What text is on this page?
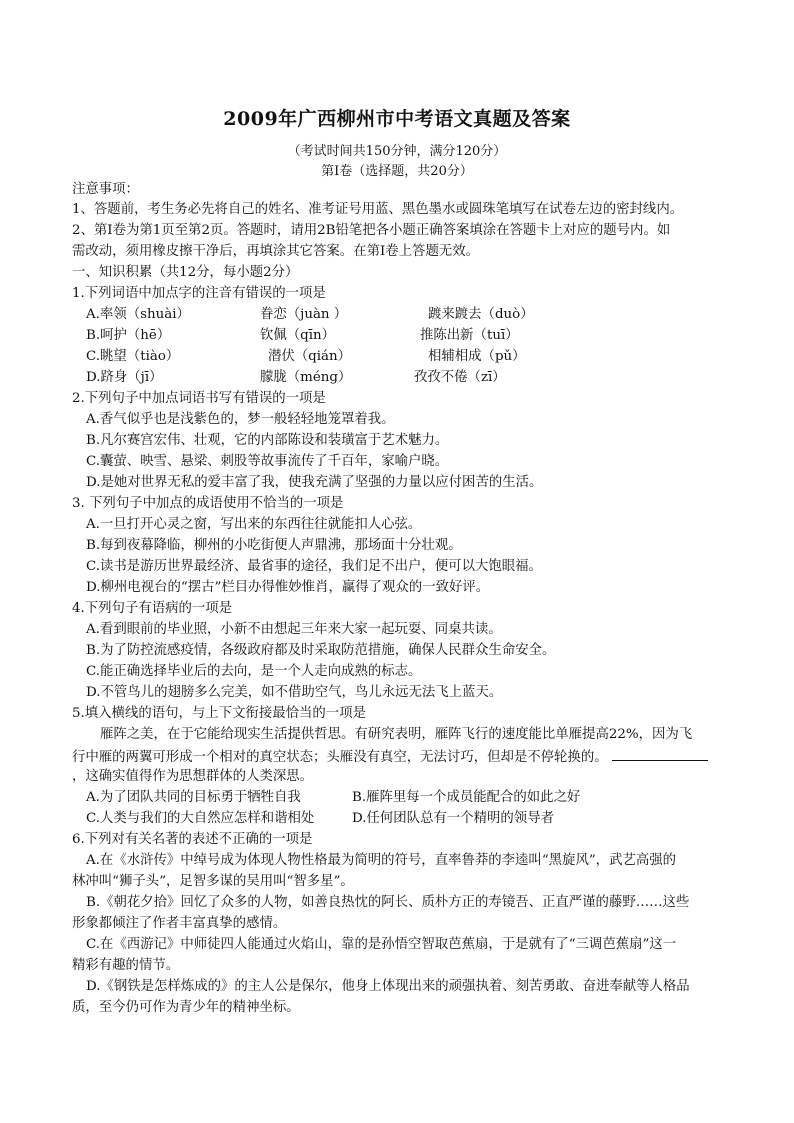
2009年广西柳州市中考语文真题及答案
（考试时间共150分钟，满分120分）
第Ⅰ卷（选择题，共20分）
注意事项：
1、答题前，考生务必先将自己的姓名、准考证号用蓝、黑色墨水或圆珠笔填写在试卷左边的密封线内。
2、第Ⅰ卷为第1页至第2页。答题时，请用2B铅笔把各小题正确答案填涂在答题卡上对应的题号内。如
需改动，须用橡皮擦干净后，再填涂其它答案。在第Ⅰ卷上答题无效。
一、知识积累（共12分，每小题2分）
1.下列词语中加点字的注音有错误的一项是
A.率领（shuài）	眷恋（juàn ）	踱来踱去（duò）
B.呵护（hē）	钦佩（qīn）	推陈出新（tuī）
C.眺望（tiào）	潜伏（qián）	相辅相成（pǔ）
D.跻身（jī）	朦胧（méng）	孜孜不倦（zī）
2.下列句子中加点词语书写有错误的一项是
A.香气似乎也是浅紫色的，梦一般轻轻地笼罩着我。
B.凡尔赛宫宏伟、壮观，它的内部陈设和装璜富于艺术魅力。
C.囊萤、映雪、悬梁、刺股等故事流传了千百年，家喻户晓。
D.是她对世界无私的爱丰富了我，使我充满了坚强的力量以应付困苦的生活。
3. 下列句子中加点的成语使用不恰当的一项是
A.一旦打开心灵之窗，写出来的东西往往就能扣人心弦。
B.每到夜幕降临，柳州的小吃街便人声鼎沸，那场面十分壮观。
C.读书是游历世界最经济、最省事的途径，我们足不出户，便可以大饱眼福。
D.柳州电视台的“摆古”栏目办得惟妙惟肖，赢得了观众的一致好评。
4.下列句子有语病的一项是
A.看到眼前的毕业照，小新不由想起三年来大家一起玩耍、同桌共读。
B.为了防控流感疫情，各级政府都及时采取防范措施，确保人民群众生命安全。
C.能正确选择毕业后的去向，是一个人走向成熟的标志。
D.不管鸟儿的翅膀多么完美，如不借助空气，鸟儿永远无法飞上蓝天。
5.填入横线的语句，与上下文衔接最恰当的一项是
雁阵之美，在于它能给现实生活提供哲思。有研究表明，雁阵飞行的速度能比单雁提高22%，因为飞
行中雁的两翼可形成一个相对的真空状态；头雁没有真空，无法讨巧，但却是不停轮换的。
，这确实值得作为思想群体的人类深思。
A.为了团队共同的目标勇于牺牲自我	B.雁阵里每一个成员能配合的如此之好
C.人类与我们的大自然应怎样和谐相处	D.任何团队总有一个精明的领导者
6.下列对有关名著的表述不正确的一项是
A.在《水浒传》中绰号成为体现人物性格最为简明的符号，直率鲁莽的李逵叫“黑旋风”，武艺高强的
林冲叫“狮子头”，足智多谋的吴用叫“智多星”。
B.《朝花夕拾》回忆了众多的人物，如善良热忱的阿长、质朴方正的寿镜吾、正直严谨的藤野……这些
形象都倾注了作者丰富真挚的感情。
C.在《西游记》中师徒四人能通过火焰山，靠的是孙悟空智取芭蕉扇，于是就有了“三调芭蕉扇”这一
精彩有趣的情节。
D.《钢铁是怎样炼成的》的主人公是保尔，他身上体现出来的顽强执着、刻苦勇敢、奋进奉献等人格品
质，至今仍可作为青少年的精神坐标。
